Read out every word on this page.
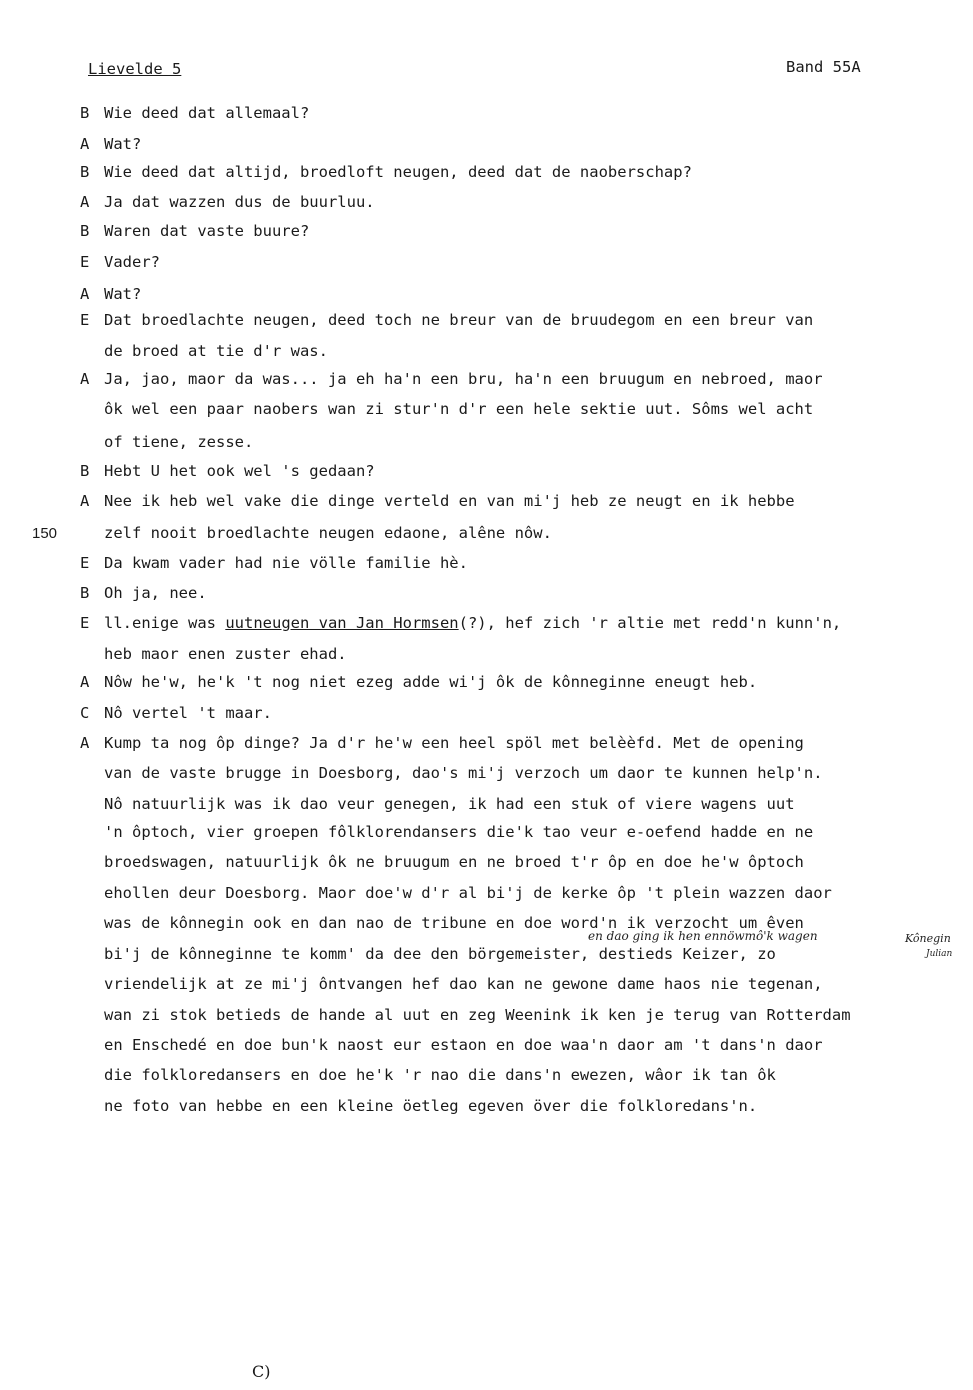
Lievelde 5	Band 55A
150
B Wie deed dat allemaal?
A Wat?
B Wie deed dat altijd, broedloft neugen, deed dat de naoberschap?
A Ja dat wazzen dus de buurluu.
B Waren dat vaste buure?
E Vader?
A Wat?
E Dat broedlachte neugen, deed toch ne breur van de bruudegom en een breur van
de broed at tie d'r was.
A Ja, jao, maor da was... ja eh ha'n een bru, ha'n een bruugum en nebroed, maor
ôk wel een paar naobers wan zi stur'n d'r een hele sektie uut. Sôms wel acht
of tiene, zesse.
B Hebt U het ook wel 's gedaan?
A Nee ik heb wel vake die dinge verteld en van mi'j heb ze neugt en ik hebbe
zelf nooit broedlachte neugen edaone, alêne nôw.
E Da kwam vader had nie völle familie hè.
B Oh ja, nee.
E ll.enige was uutneugen van Jan Hormsen(?), hef zich 'r altie met redd'n kunn'n,
heb maor enen zuster ehad.
A Nôw he'w, he'k 't nog niet ezeg adde wi'j ôk de kônneginne eneugt heb.
C Nô vertel 't maar.
A Kump ta nog ôp dinge? Ja d'r he'w een heel spöl met belèèfd. Met de opening
van de vaste brugge in Doesborg, dao's mi'j verzoch um daor te kunnen help'n.
Nô natuurlijk was ik dao veur genegen, ik had een stuk of viere wagens uut
'n ôptoch, vier groepen fôlklorendansers die'k tao veur e-oefend hadde en ne
broedswagen, natuurlijk ôk ne bruugum en ne broed t'r ôp en doe he'w ôptoch
ehollen deur Doesborg. Maor doe'w d'r al bi'j de kerke ôp 't plein wazzen daor
was de kônnegin ook en dan nao de tribune en doe word'n ik verzocht um êven
bi'j de kônneginne te komm' da dee den börgemeister, destieds Keizer, zo
vriendelijk at ze mi'j ôntvangen hef dao kan ne gewone dame haos nie tegenan,
wan zi stok betieds de hande al uut en zeg Weenink ik ken je terug van Rotterdam
en Enschedé en doe bun'k naost eur estaon en doe waa'n daor am 't dans'n daor
die folkloredansers en doe he'k 'r nao die dans'n ewezen, wâor ik tan ôk
ne foto van hebbe en een kleine öetleg egeven över die folkloredans'n.
en dao ging ik hen ennöwmô'k wagen	Kônegin
Julian
C)
